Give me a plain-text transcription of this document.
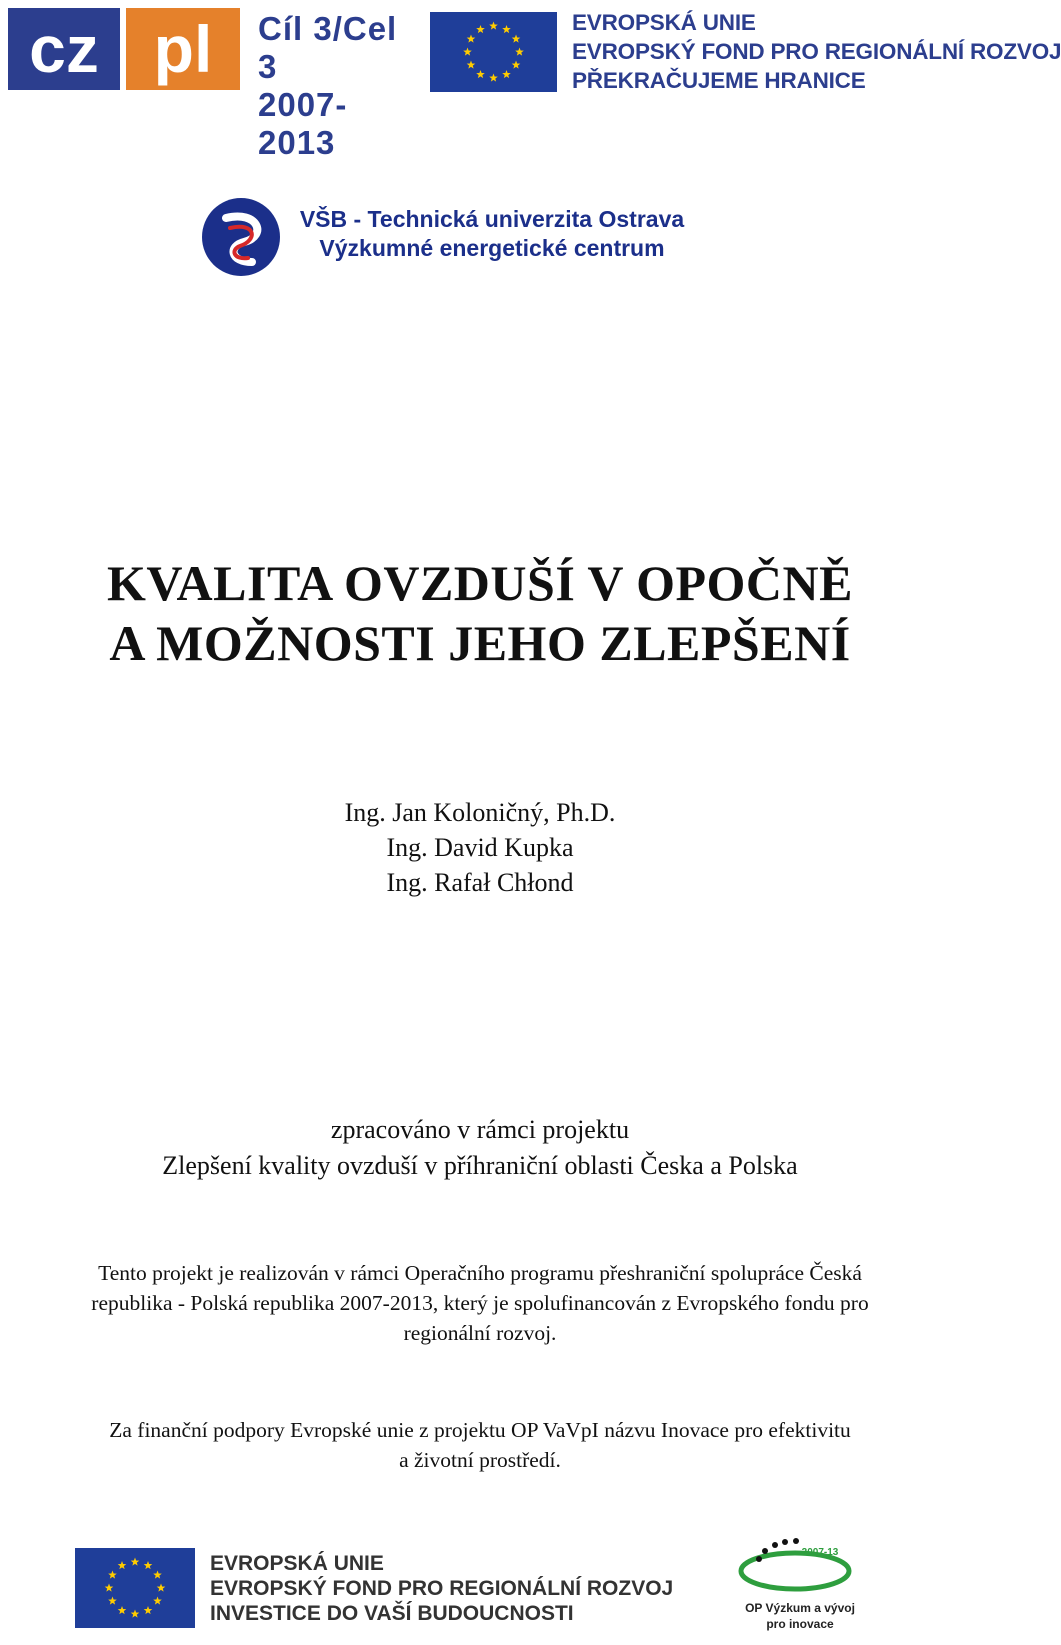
cz pl Cíl 3/Cel 3
2007-2013
EVROPSKÁ UNIE
EVROPSKÝ FOND PRO REGIONÁLNÍ ROZVOJ
PŘEKRAČUJEME HRANICE
VŠB - Technická univerzita Ostrava
Výzkumné energetické centrum
KVALITA OVZDUŠÍ V OPOČNĚ
A MOŽNOSTI JEHO ZLEPŠENÍ
Ing. Jan Koloničný, Ph.D.
Ing. David Kupka
Ing. Rafał Chłond
zpracováno v rámci projektu
Zlepšení kvality ovzduší v příhraniční oblasti Česka a Polska
Tento projekt je realizován v rámci Operačního programu přeshraniční spolupráce Česká
republika - Polská republika 2007-2013, který je spolufinancován z Evropského fondu pro
regionální rozvoj.
Za finanční podpory Evropské unie z projektu OP VaVpI názvu Inovace pro efektivitu
a životní prostředí.
EVROPSKÁ UNIE
EVROPSKÝ FOND PRO REGIONÁLNÍ ROZVOJ
INVESTICE DO VAŠÍ BUDOUCNOSTI
2007-13
OP Výzkum a vývoj
pro inovace
